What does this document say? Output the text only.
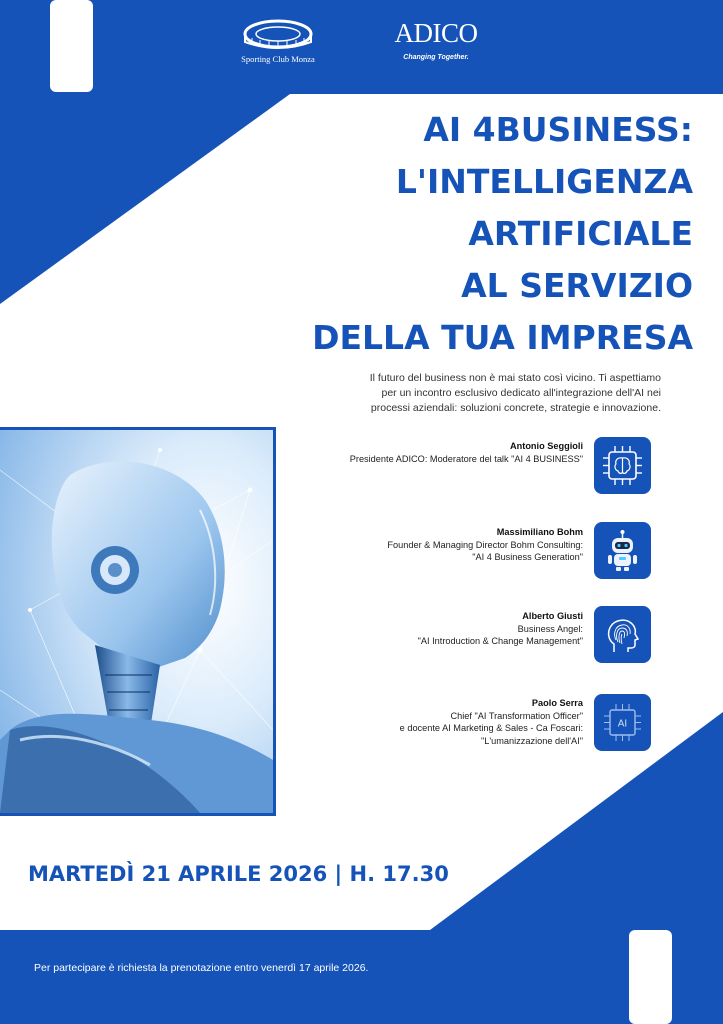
Sporting Club Monza
ADICO
Changing Together.
AI 4BUSINESS:
L'INTELLIGENZA
ARTIFICIALE
AL SERVIZIO
DELLA TUA IMPRESA
Il futuro del business non è mai stato così vicino. Ti aspettiamo
per un incontro esclusivo dedicato all'integrazione dell'AI nei
processi aziendali: soluzioni concrete, strategie e innovazione.
Antonio Seggioli
Presidente ADICO: Moderatore del talk "AI 4 BUSINESS"
Massimiliano Bohm
Founder & Managing Director Bohm Consulting:
"AI 4 Business Generation"
Alberto Giusti
Business Angel:
"AI Introduction & Change Management"
Paolo Serra
Chief "AI Transformation Officer"
e docente AI Marketing & Sales - Ca Foscari:
"L'umanizzazione dell'AI"
AI
MARTEDÌ 21 APRILE 2026 | H. 17.30
Per partecipare è richiesta la prenotazione entro venerdì 17 aprile 2026.
